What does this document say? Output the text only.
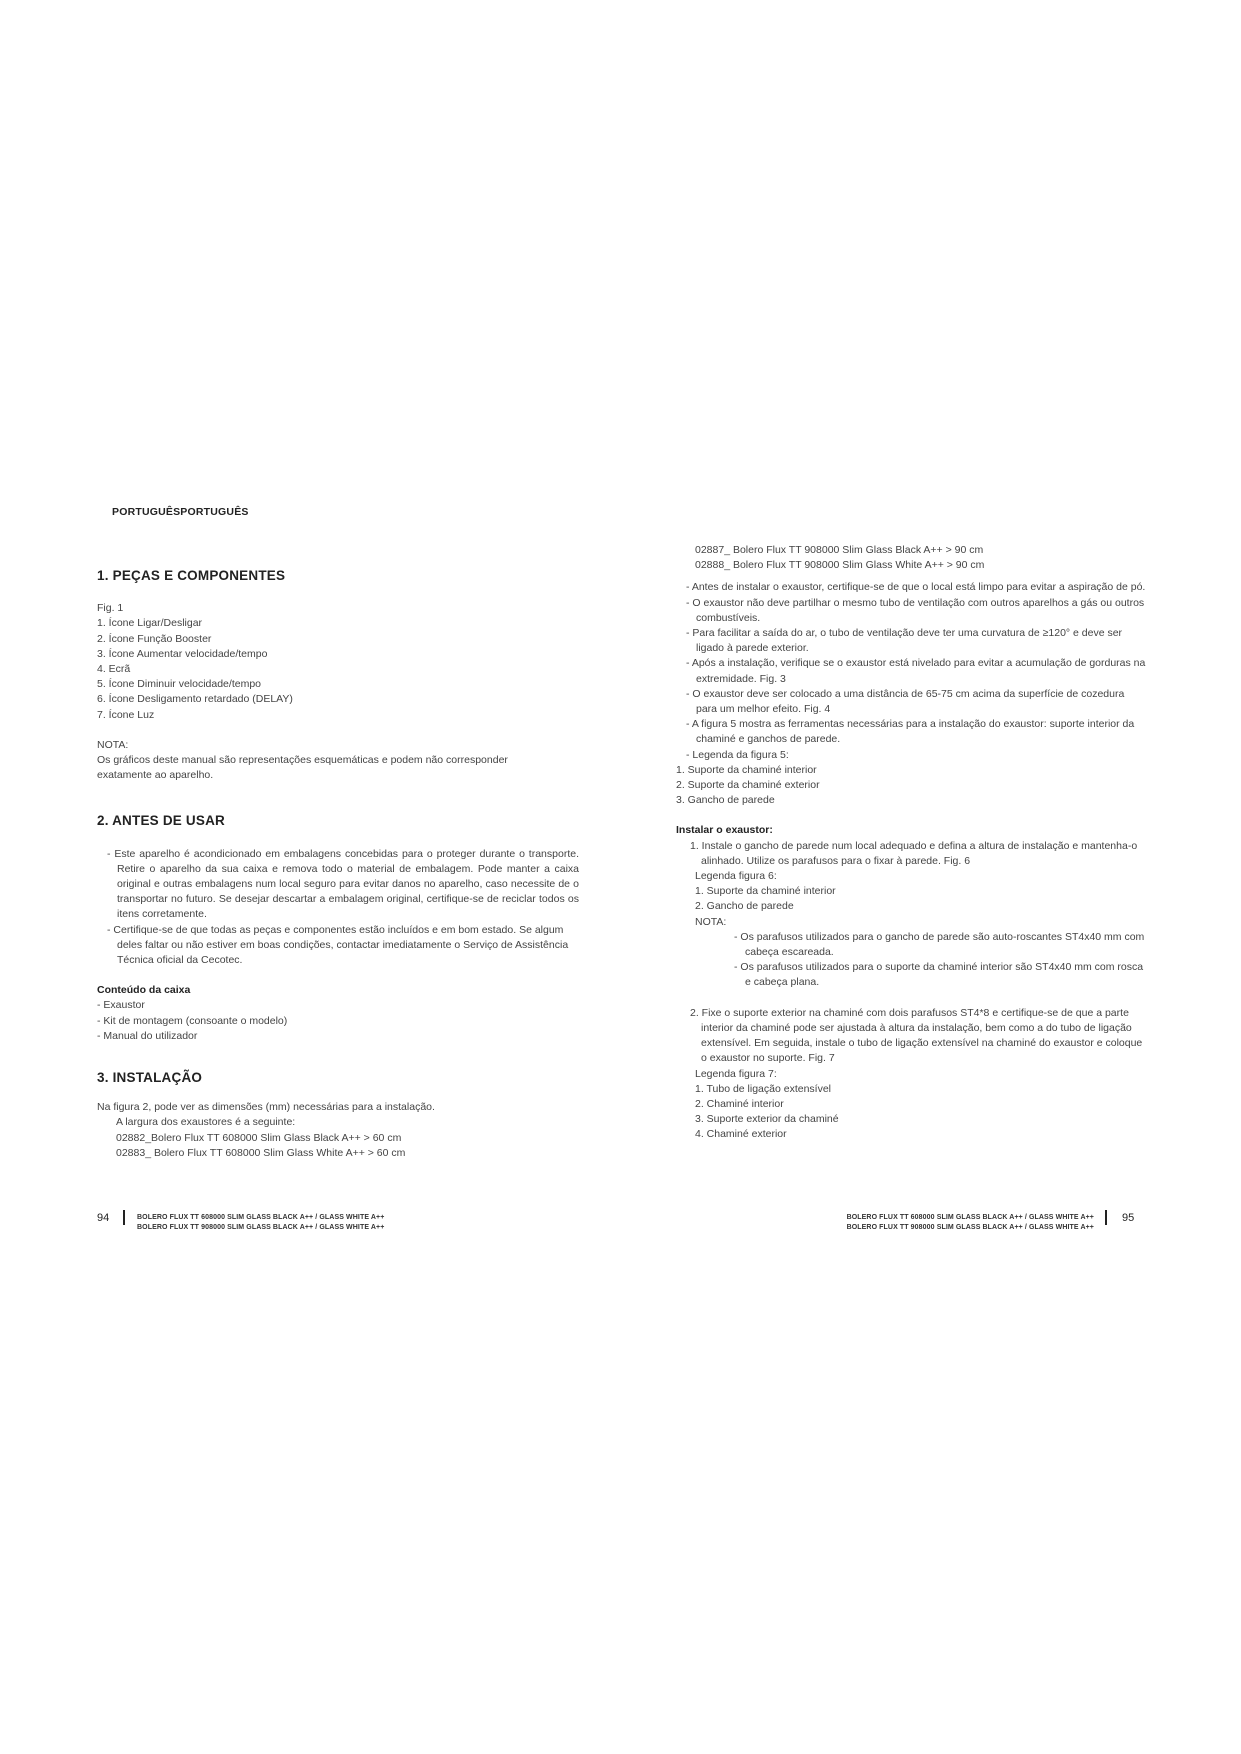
PORTUGUÊSPORTUGUÊS
1. PEÇAS E COMPONENTES
Fig. 1
1. Ícone Ligar/Desligar
2. Ícone Função Booster
3. Ícone Aumentar velocidade/tempo
4. Ecrã
5. Ícone Diminuir velocidade/tempo
6. Ícone Desligamento retardado (DELAY)
7. Ícone Luz
NOTA:

Os gráficos deste manual são representações esquemáticas e podem não corresponder exatamente ao aparelho.

2. ANTES DE USAR

- Este aparelho é acondicionado em embalagens concebidas para o proteger durante o transporte. Retire o aparelho da sua caixa e remova todo o material de embalagem. Pode manter a caixa original e outras embalagens num local seguro para evitar danos no aparelho, caso necessite de o transportar no futuro. Se desejar descartar a embalagem original, certifique-se de reciclar todos os itens corretamente.

- Certifique-se de que todas as peças e componentes estão incluídos e em bom estado. Se algum deles faltar ou não estiver em boas condições, contactar imediatamente o Serviço de Assistência Técnica oficial da Cecotec.

Conteúdo da caixa

- Exaustor
- Kit de montagem (consoante o modelo)
- Manual do utilizador
3. INSTALAÇÃO
Na figura 2, pode ver as dimensões (mm) necessárias para a instalação.
A largura dos exaustores é a seguinte:
02882_Bolero Flux TT 608000 Slim Glass Black A++ > 60 cm
02883_ Bolero Flux TT 608000 Slim Glass White A++ > 60 cm
02887_ Bolero Flux TT 908000 Slim Glass Black A++ > 90 cm
02888_ Bolero Flux TT 908000 Slim Glass White A++ > 90 cm

- Antes de instalar o exaustor, certifique-se de que o local está limpo para evitar a aspiração de pó.

- O exaustor não deve partilhar o mesmo tubo de ventilação com outros aparelhos a gás ou outros combustíveis.

- Para facilitar a saída do ar, o tubo de ventilação deve ter uma curvatura de ≥120° e deve ser ligado à parede exterior.

- Após a instalação, verifique se o exaustor está nivelado para evitar a acumulação de gorduras na extremidade. Fig. 3

- O exaustor deve ser colocado a uma distância de 65-75 cm acima da superfície de cozedura para um melhor efeito. Fig. 4

- A figura 5 mostra as ferramentas necessárias para a instalação do exaustor: suporte interior da chaminé e ganchos de parede.

- Legenda da figura 5:

1. Suporte da chaminé interior
2. Suporte da chaminé exterior
3. Gancho de parede

Instalar o exaustor:

1. Instale o gancho de parede num local adequado e defina a altura de instalação e mantenha-o alinhado. Utilize os parafusos para o fixar à parede. Fig. 6

Legenda figura 6:
1. Suporte da chaminé interior
2. Gancho de parede
NOTA:

- Os parafusos utilizados para o gancho de parede são auto-roscantes ST4x40 mm com cabeça escareada.

- Os parafusos utilizados para o suporte da chaminé interior são ST4x40 mm com rosca e cabeça plana.

2. Fixe o suporte exterior na chaminé com dois parafusos ST4*8 e certifique-se de que a parte interior da chaminé pode ser ajustada à altura da instalação, bem como a do tubo de ligação extensível. Em seguida, instale o tubo de ligação extensível na chaminé do exaustor e coloque o exaustor no suporte. Fig. 7

Legenda figura 7:
1. Tubo de ligação extensível
2. Chaminé interior
3. Suporte exterior da chaminé
4. Chaminé exterior
94	BOLERO FLUX TT 608000 SLIM GLASS BLACK A++ / GLASS WHITE A++
BOLERO FLUX TT 908000 SLIM GLASS BLACK A++ / GLASS WHITE A++
BOLERO FLUX TT 608000 SLIM GLASS BLACK A++ / GLASS WHITE A++
BOLERO FLUX TT 908000 SLIM GLASS BLACK A++ / GLASS WHITE A++
95
